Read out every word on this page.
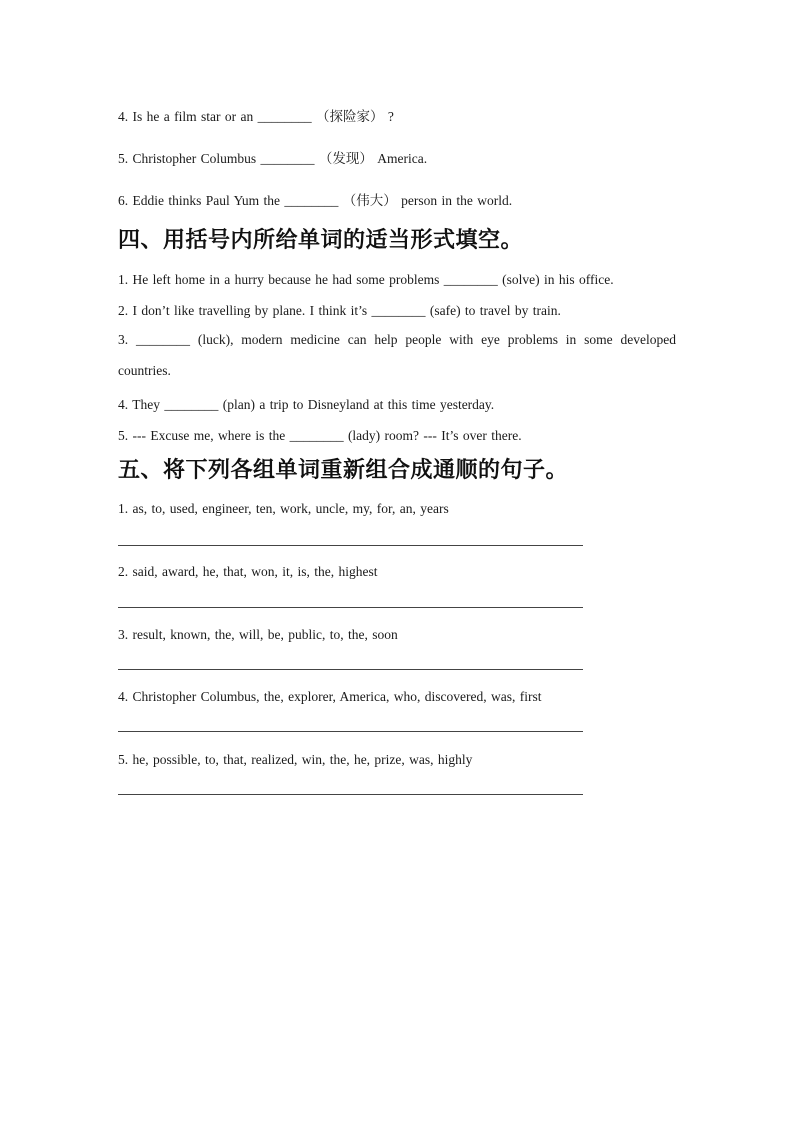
4. Is he a film star or an ________ （探险家） ?

5. Christopher Columbus ________ （发现） America.

6. Eddie thinks Paul Yum the ________ （伟大） person in the world.

四、用括号内所给单词的适当形式填空。

1. He left home in a hurry because he had some problems ________ (solve) in his office.

2. I don’t like travelling by plane. I think it’s ________ (safe) to travel by train.

3. ________ (luck), modern medicine can help people with eye problems in some developed countries.

4. They ________ (plan) a trip to Disneyland at this time yesterday.

5. --- Excuse me, where is the ________ (lady) room? --- It’s over there.

五、将下列各组单词重新组合成通顺的句子。

1. as, to, used, engineer, ten, work, uncle, my, for, an, years

2. said, award, he, that, won, it, is, the, highest

3. result, known, the, will, be, public, to, the, soon

4. Christopher Columbus, the, explorer, America, who, discovered, was, first

5. he, possible, to, that, realized, win, the, he, prize, was, highly
